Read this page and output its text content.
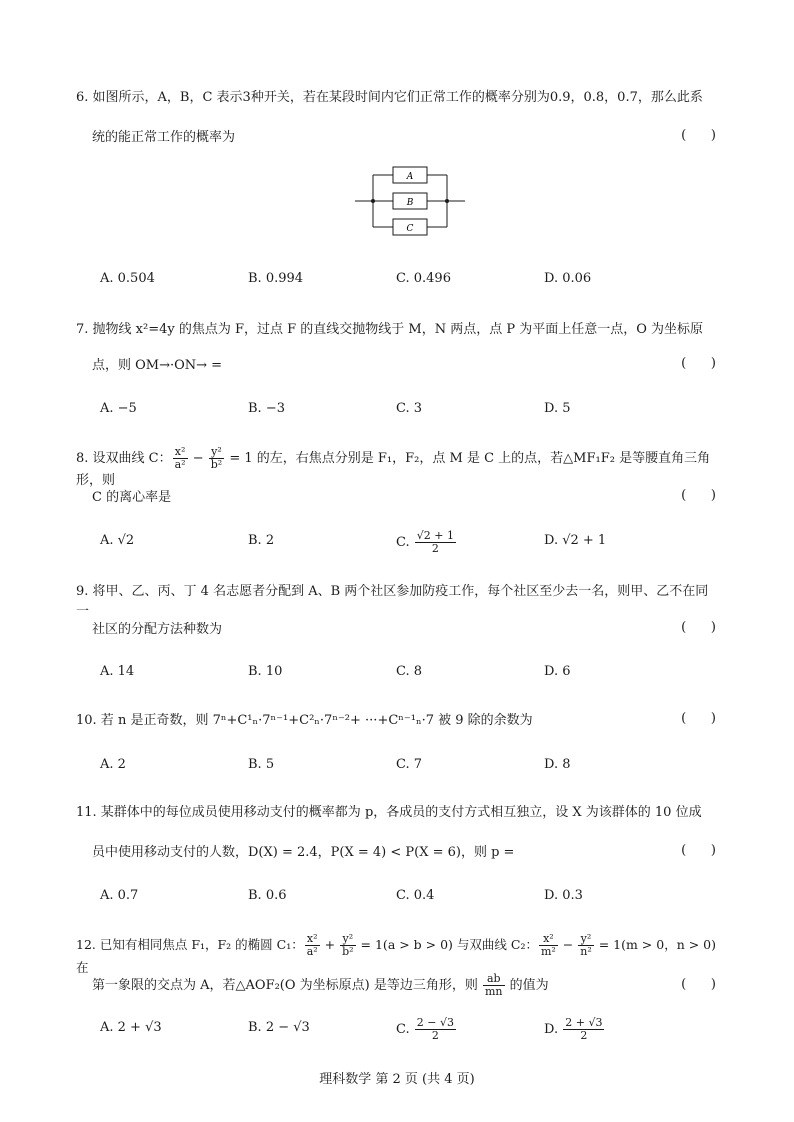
6. 如图所示，A，B，C 表示3种开关，若在某段时间内它们正常工作的概率分别为0.9，0.8，0.7，那么此系

统的能正常工作的概率为	(      )
A
B
C
A. 0.504	B. 0.994	C. 0.496	D. 0.06

7. 抛物线 x²=4y 的焦点为 F，过点 F 的直线交抛物线于 M，N 两点，点 P 为平面上任意一点，O 为坐标原

点，则 OM→·ON→ =	(      )
A. −5	B. −3	C. 3	D. 5

8. 设双曲线 C： $\frac{\text{x²}}{\text{a²}} - \frac{\text{y²}}{\text{b²}} = 1$ 的左，右焦点分别是 F₁，F₂，点 M 是 C 上的点，若△MF₁F₂ 是等腰直角三角形，则

C 的离心率是	(      )
A. √2	B. 2	C. $\frac{√2 + 1}{2}$	D. √2 + 1

9. 将甲、乙、丙、丁 4 名志愿者分配到 A、B 两个社区参加防疫工作，每个社区至少去一名，则甲、乙不在同一

社区的分配方法种数为	(      )
A. 14	B. 10	C. 8	D. 6

10. 若 n 是正奇数，则 7ⁿ+C¹ₙ·7ⁿ⁻¹+C²ₙ·7ⁿ⁻²+ ···+Cⁿ⁻¹ₙ·7 被 9 除的余数为	(      )
A. 2	B. 5	C. 7	D. 8

11. 某群体中的每位成员使用移动支付的概率都为 p，各成员的支付方式相互独立，设 X 为该群体的 10 位成

员中使用移动支付的人数，D(X) = 2.4，P(X = 4) < P(X = 6)，则 p =	(      )
A. 0.7	B. 0.6	C. 0.4	D. 0.3

12. 已知有相同焦点 F₁，F₂ 的椭圆 C₁： $\frac{\text{x²}}{\text{a²}} + \frac{\text{y²}}{\text{b²}} = 1(a > b > 0)$ 与双曲线 C₂： $\frac{\text{x²}}{\text{m²}} - \frac{\text{y²}}{\text{n²}} = 1(m > 0$，n > 0) 在

第一象限的交点为 A，若△AOF₂(O 为坐标原点) 是等边三角形，则 $\frac{ab}{mn}$ 的值为	(      )
A. 2 + √3	B. 2 − √3	C. $\frac{2 - √3}{2}$	D. $\frac{2 + √3}{2}$
理科数学 第 2 页 (共 4 页)
